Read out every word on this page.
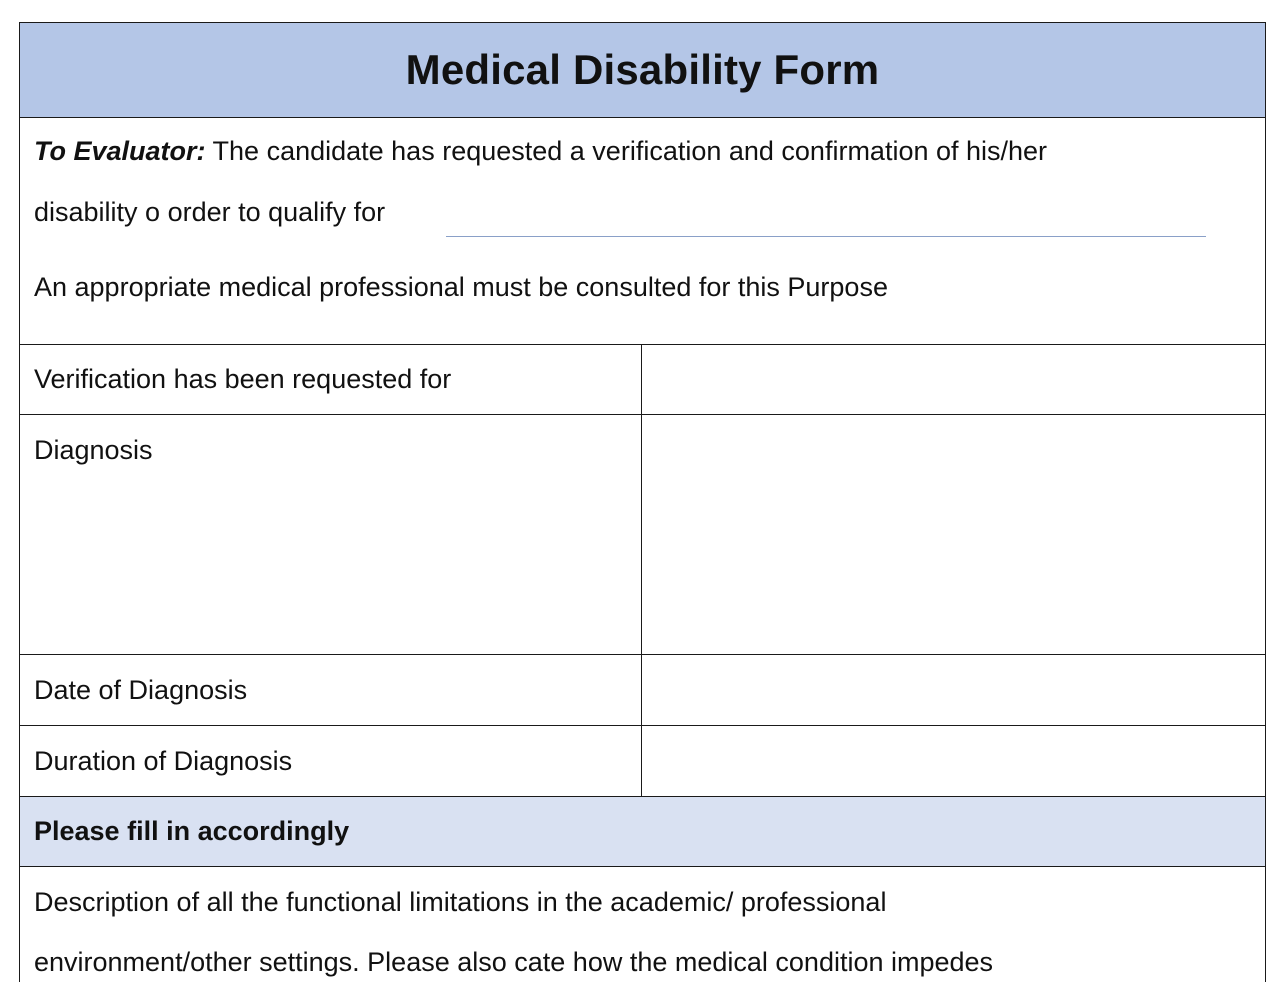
Medical Disability Form
To Evaluator: The candidate has requested a verification and confirmation of his/her
disability o order to qualify for
An appropriate medical professional must be consulted for this Purpose
Verification has been requested for
Diagnosis
Date of Diagnosis
Duration of Diagnosis
Please fill in accordingly
Description of all the functional limitations in the academic/ professional
environment/other settings. Please also cate how the medical condition impedes
